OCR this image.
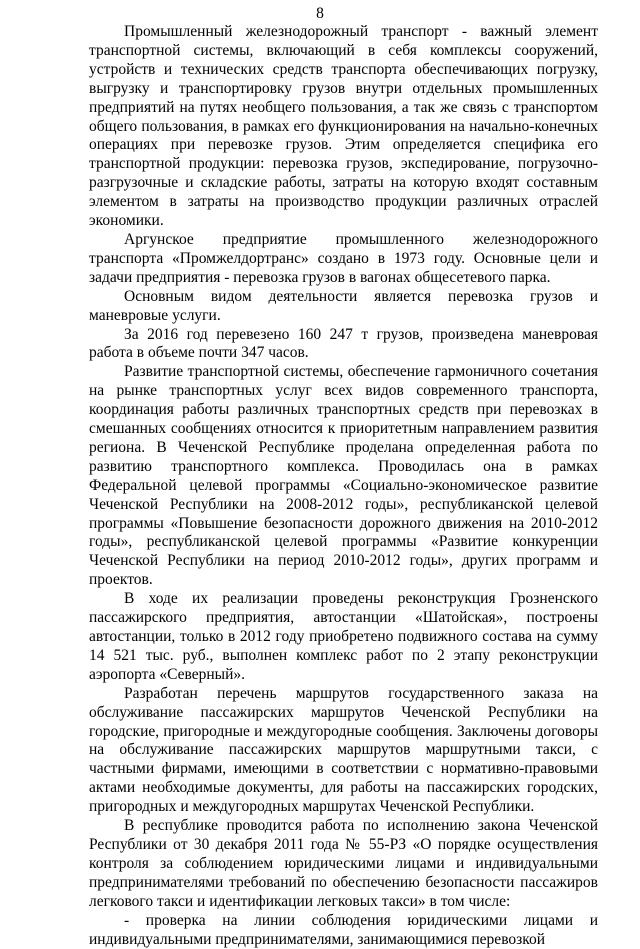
8

Промышленный железнодорожный транспорт - важный элемент транспортной системы, включающий в себя комплексы сооружений, устройств и технических средств транспорта обеспечивающих погрузку, выгрузку и транспортировку грузов внутри отдельных промышленных предприятий на путях необщего пользования, а так же связь с транспортом общего пользования, в рамках его функционирования на начально-конечных операциях при перевозке грузов. Этим определяется специфика его транспортной продукции: перевозка грузов, экспедирование, погрузочно-разгрузочные и складские работы, затраты на которую входят составным элементом в затраты на производство продукции различных отраслей экономики.

Аргунское предприятие промышленного железнодорожного транспорта «Промжелдортранс» создано в 1973 году. Основные цели и задачи предприятия - перевозка грузов в вагонах общесетевого парка.

Основным видом деятельности является перевозка грузов и маневровые услуги.

За 2016 год перевезено 160 247 т грузов, произведена маневровая работа в объеме почти 347 часов.

Развитие транспортной системы, обеспечение гармоничного сочетания на рынке транспортных услуг всех видов современного транспорта, координация работы различных транспортных средств при перевозках в смешанных сообщениях относится к приоритетным направлением развития региона. В Чеченской Республике проделана определенная работа по развитию транспортного комплекса. Проводилась она в рамках Федеральной целевой программы «Социально-экономическое развитие Чеченской Республики на 2008-2012 годы», республиканской целевой программы «Повышение безопасности дорожного движения на 2010-2012 годы», республиканской целевой программы «Развитие конкуренции Чеченской Республики на период 2010-2012 годы», других программ и проектов.

В ходе их реализации проведены реконструкция Грозненского пассажирского предприятия, автостанции «Шатойская», построены автостанции, только в 2012 году приобретено подвижного состава на сумму 14 521 тыс. руб., выполнен комплекс работ по 2 этапу реконструкции аэропорта «Северный».

Разработан перечень маршрутов государственного заказа на обслуживание пассажирских маршрутов Чеченской Республики на городские, пригородные и междугородные сообщения. Заключены договоры на обслуживание пассажирских маршрутов маршрутными такси, с частными фирмами, имеющими в соответствии с нормативно-правовыми актами необходимые документы, для работы на пассажирских городских, пригородных и междугородных маршрутах Чеченской Республики.

В республике проводится работа по исполнению закона Чеченской Республики от 30 декабря 2011 года № 55-РЗ «О порядке осуществления контроля за соблюдением юридическими лицами и индивидуальными предпринимателями требований по обеспечению безопасности пассажиров легкового такси и идентификации легковых такси» в том числе:

- проверка на линии соблюдения юридическими лицами и индивидуальными предпринимателями, занимающимися перевозкой
